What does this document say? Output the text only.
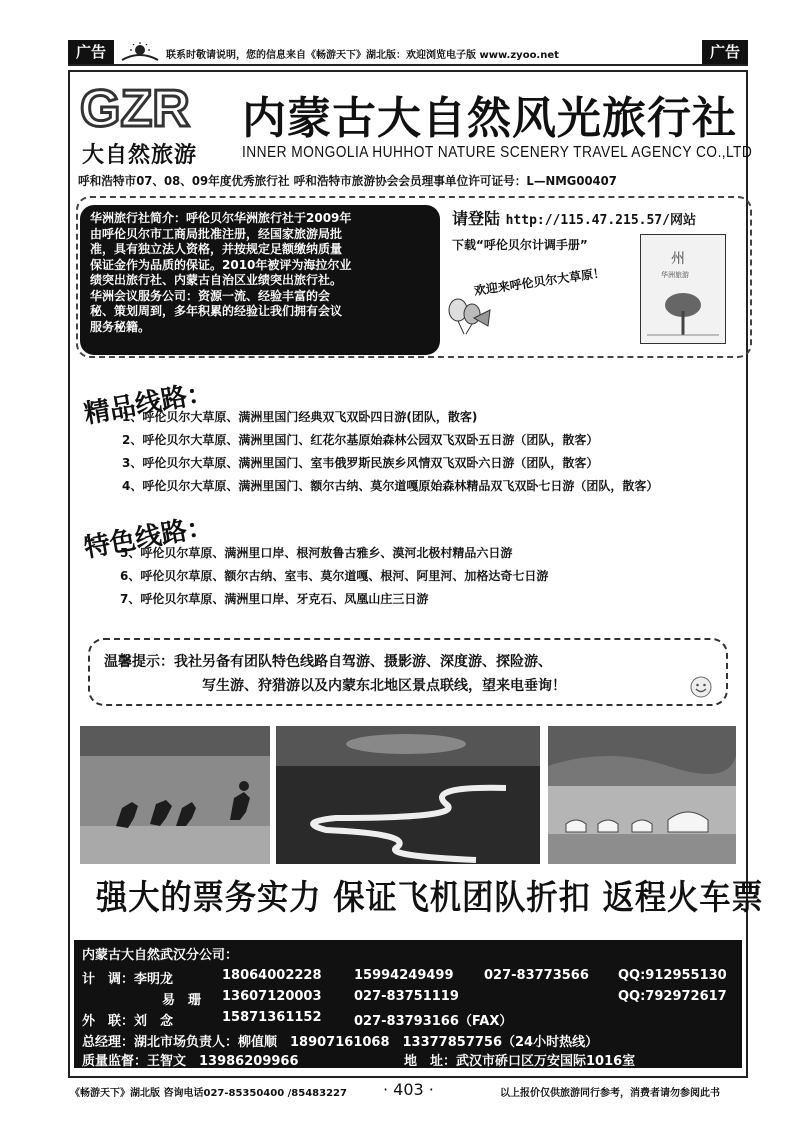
广告	联系时敬请说明，您的信息来自《畅游天下》湖北版：欢迎浏览电子版 www.zyoo.net	广告
GZR
大自然旅游
内蒙古大自然风光旅行社
INNER MONGOLIA HUHHOT NATURE SCENERY TRAVEL AGENCY CO.,LTD
呼和浩特市07、08、09年度优秀旅行社 呼和浩特市旅游协会会员理事单位许可证号：L—NMG00407
华洲旅行社简介：呼伦贝尔华洲旅行社于2009年
由呼伦贝尔市工商局批准注册，经国家旅游局批
准，具有独立法人资格，并按规定足额缴纳质量
保证金作为品质的保证。2010年被评为海拉尔业
绩突出旅行社、内蒙古自治区业绩突出旅行社。
华洲会议服务公司：资源一流、经验丰富的会
秘、策划周到，多年积累的经验让我们拥有会议
服务秘籍。
请登陆 http://115.47.215.57/网站
下载“呼伦贝尔计调手册”
欢迎来呼伦贝尔大草原！
州
华洲旅游
精品线路：
1、呼伦贝尔大草原、满洲里国门经典双飞双卧四日游(团队，散客)
2、呼伦贝尔大草原、满洲里国门、红花尔基原始森林公园双飞双卧五日游（团队，散客）
3、呼伦贝尔大草原、满洲里国门、室韦俄罗斯民族乡风情双飞双卧六日游（团队，散客）
4、呼伦贝尔大草原、满洲里国门、额尔古纳、莫尔道嘎原始森林精品双飞双卧七日游（团队，散客）
特色线路：
5、呼伦贝尔草原、满洲里口岸、根河敖鲁古雅乡、漠河北极村精品六日游
6、呼伦贝尔草原、额尔古纳、室韦、莫尔道嘎、根河、阿里河、加格达奇七日游
7、呼伦贝尔草原、满洲里口岸、牙克石、凤凰山庄三日游
温馨提示：我社另备有团队特色线路自驾游、摄影游、深度游、探险游、
写生游、狩猎游以及内蒙东北地区景点联线，望来电垂询！
强大的票务实力 保证飞机团队折扣 返程火车票
内蒙古大自然武汉分公司：
计　调：李明龙	18064002228	15994249499 027-83773566 QQ:912955130
易　珊 13607120003	027-83751119	QQ:792972617
外　联：刘　念	15871361152	027-83793166（FAX）
总经理：湖北市场负责人：柳值顺　18907161068　13377857756（24小时热线）
质量监督：王智文　13986209966	地　址：武汉市硚口区万安国际1016室
《畅游天下》湖北版 咨询电话027-85350400 /85483227 · 403 ·	以上报价仅供旅游同行参考，消费者请勿参阅此书
